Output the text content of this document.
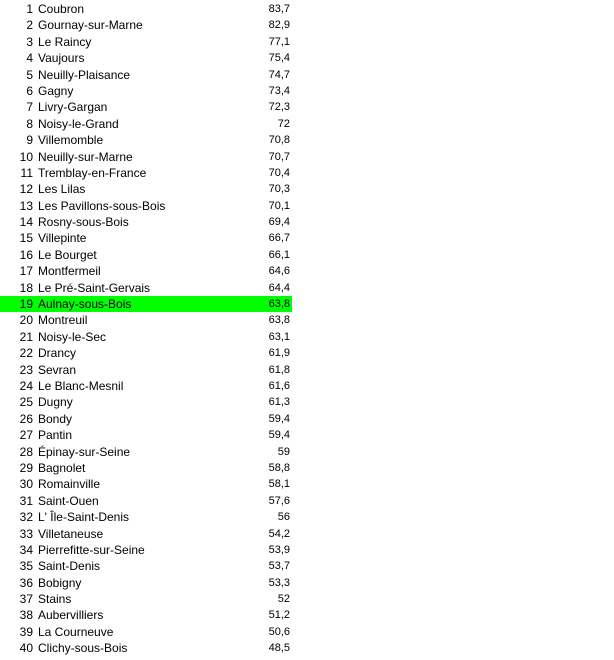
1 Coubron	83,7
2 Gournay-sur-Marne	82,9
3 Le Raincy	77,1
4 Vaujours	75,4
5 Neuilly-Plaisance	74,7
6 Gagny	73,4
7 Livry-Gargan	72,3
8 Noisy-le-Grand	72
9 Villemomble	70,8
10 Neuilly-sur-Marne	70,7
11 Tremblay-en-France	70,4
12 Les Lilas	70,3
13 Les Pavillons-sous-Bois	70,1
14 Rosny-sous-Bois	69,4
15 Villepinte	66,7
16 Le Bourget	66,1
17 Montfermeil	64,6
18 Le Pré-Saint-Gervais	64,4
19 Aulnay-sous-Bois	63,8
20 Montreuil	63,8
21 Noisy-le-Sec	63,1
22 Drancy	61,9
23 Sevran	61,8
24 Le Blanc-Mesnil	61,6
25 Dugny	61,3
26 Bondy	59,4
27 Pantin	59,4
28 Épinay-sur-Seine	59
29 Bagnolet	58,8
30 Romainville	58,1
31 Saint-Ouen	57,6
32 L' Île-Saint-Denis	56
33 Villetaneuse	54,2
34 Pierrefitte-sur-Seine	53,9
35 Saint-Denis	53,7
36 Bobigny	53,3
37 Stains	52
38 Aubervilliers	51,2
39 La Courneuve	50,6
40 Clichy-sous-Bois	48,5
